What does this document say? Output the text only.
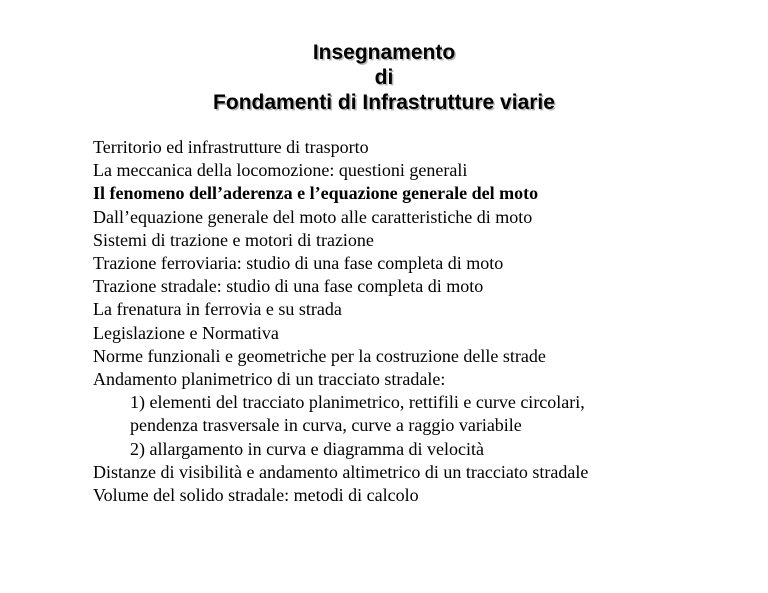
Insegnamento
di
Fondamenti di Infrastrutture viarie
Territorio ed infrastrutture di trasporto
La meccanica della locomozione: questioni generali
Il fenomeno dell’aderenza e l’equazione generale del moto
Dall’equazione generale del moto alle caratteristiche di moto
Sistemi di trazione e motori di trazione
Trazione ferroviaria: studio di una fase completa di moto
Trazione stradale: studio di una fase completa di moto
La frenatura in ferrovia e su strada
Legislazione e Normativa
Norme funzionali e geometriche per la costruzione delle strade
Andamento planimetrico di un tracciato stradale:
1) elementi del tracciato planimetrico, rettifili e curve circolari,
pendenza trasversale in curva, curve a raggio variabile
2) allargamento in curva e diagramma di velocità
Distanze di visibilità e andamento altimetrico di un tracciato stradale
Volume del solido stradale: metodi di calcolo
